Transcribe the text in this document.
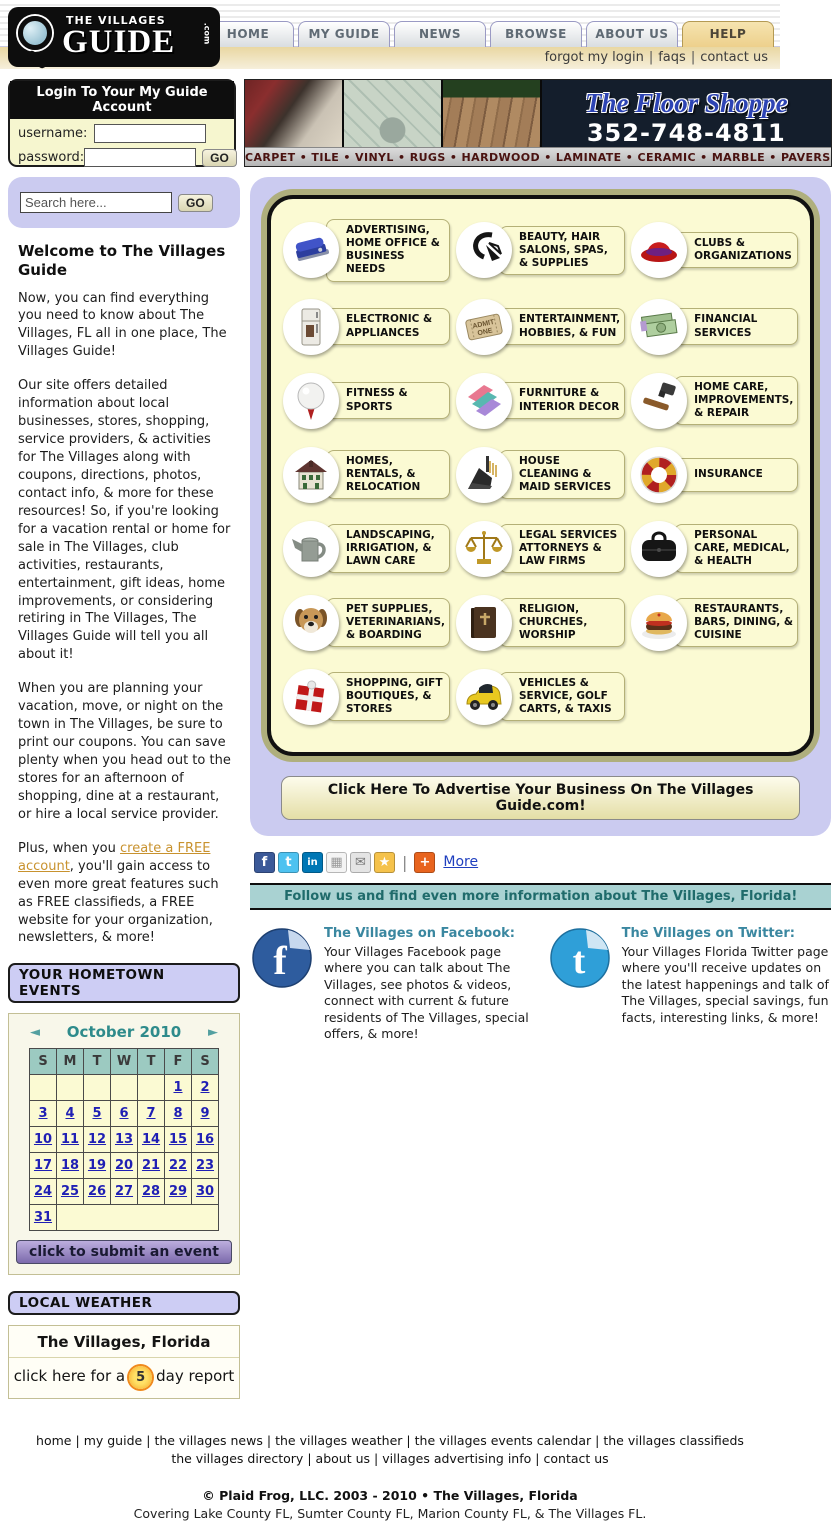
THE VILLAGES
GUIDE	.com	HOME	MY GUIDE	NEWS	BROWSE	ABOUT US	HELP
forgot my login | faqs | contact us
Login To Your My Guide Account
username:
password:	GO
The Floor Shoppe
352-748-4811
CARPET • TILE • VINYL • RUGS • HARDWOOD • LAMINATE • CERAMIC • MARBLE • PAVERS
Search here...
GO
Welcome to The Villages Guide

Now, you can find everything you need to know about The Villages, FL all in one place, The Villages Guide!

Our site offers detailed information about local businesses, stores, shopping, service providers, & activities for The Villages along with coupons, directions, photos, contact info, & more for these resources! So, if you're looking for a vacation rental or home for sale in The Villages, club activities, restaurants, entertainment, gift ideas, home improvements, or considering retiring in The Villages, The Villages Guide will tell you all about it!

When you are planning your vacation, move, or night on the town in The Villages, be sure to print our coupons. You can save plenty when you head out to the stores for an afternoon of shopping, dine at a restaurant, or hire a local service provider.

Plus, when you create a FREE account, you'll gain access to even more great features such as FREE classifieds, a FREE website for your organization, newsletters, & more!

YOUR HOMETOWN EVENTS
◄ October 2010 ►
S	M	T	W	T	F	S
					1	2
3	4	5	6	7	8	9
10	11	12	13	14	15	16
17	18	19	20	21	22	23
24	25	26	27	28	29	30
31						
click to submit an event
LOCAL WEATHER
The Villages, Florida
click here for a 5 day report
ADVERTISING, HOME OFFICE & BUSINESS NEEDS
BEAUTY, HAIR SALONS, SPAS, & SUPPLIES
CLUBS & ORGANIZATIONS
ELECTRONIC & APPLIANCES
ADMIT
ONE
ENTERTAINMENT, HOBBIES, & FUN
FINANCIAL SERVICES
FITNESS & SPORTS
FURNITURE & INTERIOR DECOR
HOME CARE, IMPROVEMENTS, & REPAIR
HOMES, RENTALS, & RELOCATION
HOUSE CLEANING & MAID SERVICES
INSURANCE
LANDSCAPING, IRRIGATION, & LAWN CARE
LEGAL SERVICES ATTORNEYS & LAW FIRMS
PERSONAL CARE, MEDICAL, & HEALTH
PET SUPPLIES, VETERINARIANS, & BOARDING
RELIGION, CHURCHES, WORSHIP
RESTAURANTS, BARS, DINING, & CUISINE
SHOPPING, GIFT BOUTIQUES, & STORES
VEHICLES & SERVICE, GOLF CARTS, & TAXIS
Click Here To Advertise Your Business On The Villages Guide.com!
f	t	in ▦ ✉ ★ | + More
Follow us and find even more information about The Villages, Florida!
f
The Villages on Facebook:

Your Villages Facebook page where you can talk about The Villages, see photos & videos, connect with current & future residents of The Villages, special offers, & more!

t
The Villages on Twitter:

Your Villages Florida Twitter page where you'll receive updates on the latest happenings and talk of The Villages, special savings, fun facts, interesting links, & more!

home | my guide | the villages news | the villages weather | the villages events calendar | the villages classifieds
the villages directory | about us | villages advertising info | contact us
© Plaid Frog, LLC. 2003 - 2010 • The Villages, Florida
Covering Lake County FL, Sumter County FL, Marion County FL, & The Villages FL.
